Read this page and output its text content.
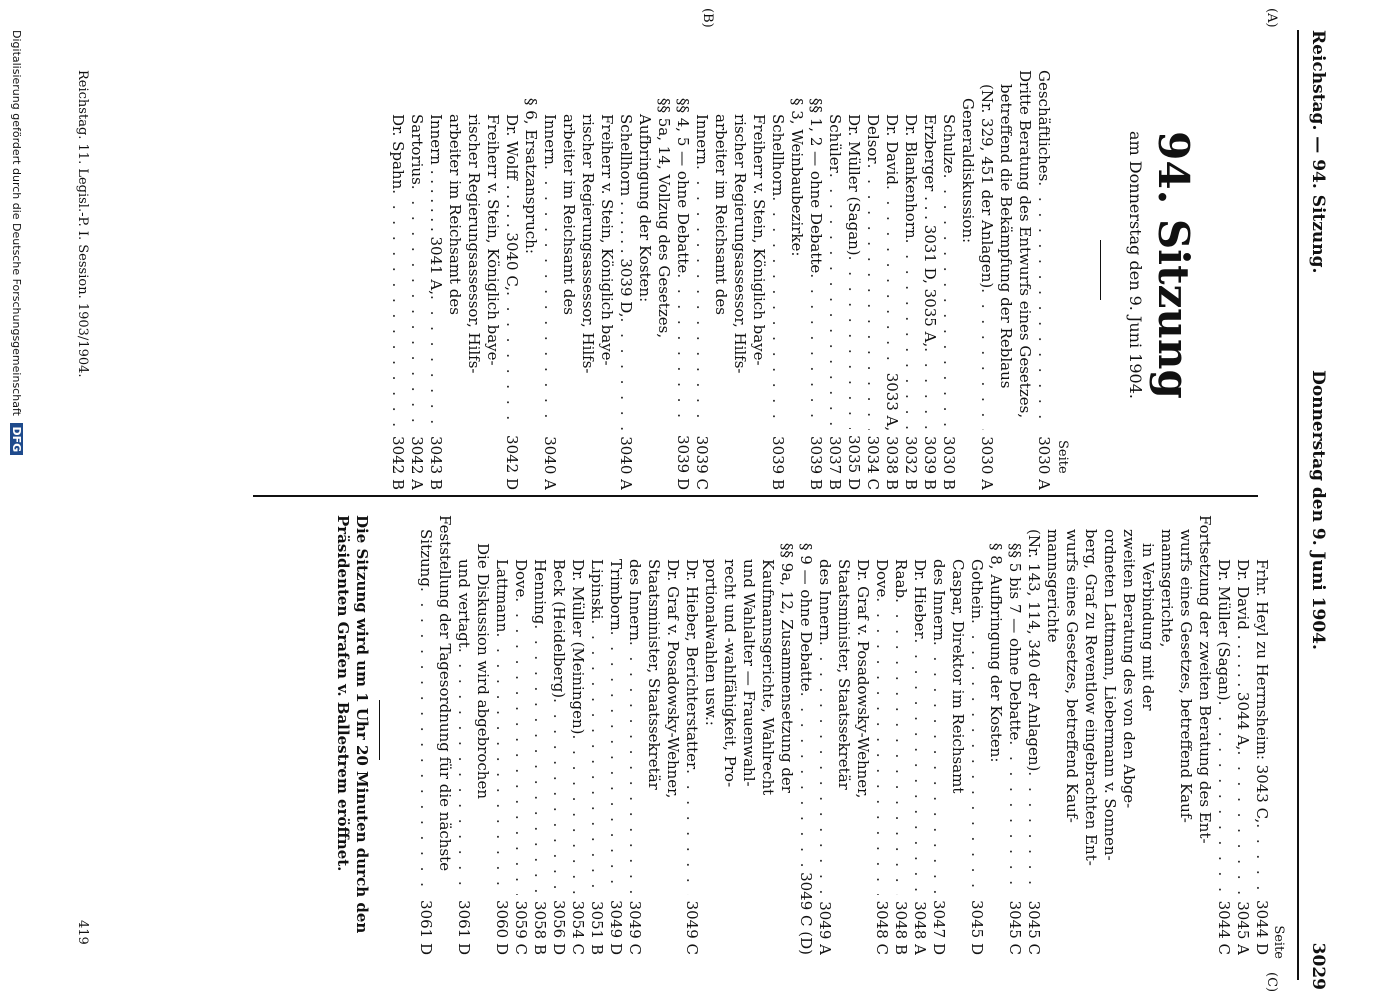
Reichstag. — 94. Sitzung.
Donnerstag den 9. Juni 1904.
3029
(A)
(B)
(C)
94. Sitzung
am Donnerstag den 9. Juni 1904.
Seite
Geschäftliches
. . .
3030 A
Dritte Beratung des Entwurfs eines Gesetzes,
betreffend die Bekämpfung der Reblaus
(Nr. 329, 451 der Anlagen)
. . .
3030 A
Generaldiskussion:
Schulze
. . .
3030 B
Erzberger . . . 3031 D, 3035 A,
. . .
3039 B
Dr. Blankenhorn
. . .
3032 B
Dr. David
. . .
3033 A, 3038 B
Delsor
. . .
3034 C
Dr. Müller (Sagan)
. . .
3035 D
Schüler
. . .
3037 B
§§ 1, 2 — ohne Debatte
. . .
3039 B
§ 3, Weinbaubezirke:
Schellhorn
. . .
3039 B
Freiherr v. Stein, Königlich baye-
rischer Regierungsassessor, Hilfs-
arbeiter im Reichsamt des
Innern
. . .
3039 C
§§ 4, 5 — ohne Debatte
. . .
3039 D
§§ 5a, 14, Vollzug des Gesetzes,
Aufbringung der Kosten:
Schellhorn . . . . . . 3039 D,
. . .
3040 A
Freiherr v. Stein, Königlich baye-
rischer Regierungsassessor, Hilfs-
arbeiter im Reichsamt des
Innern
. . .
3040 A
§ 6, Ersatzanspruch:
Dr. Wolff . . . . . 3040 C,
. . .
3042 D
Freiherr v. Stein, Königlich baye-
rischer Regierungsassessor, Hilfs-
arbeiter im Reichsamt des
Innern . . . . . . . 3041 A,
. . .
3043 B
Sartorius
. . .
3042 A
Dr. Spahn
. . .
3042 B
Seite
Frhr. Heyl zu Herrnsheim: 3043 C,
. . .
3044 D
Dr. David . . . . . . 3044 A,
. . .
3045 A
Dr. Müller (Sagan)
. . .
3044 C
Fortsetzung der zweiten Beratung des Ent-
wurfs eines Gesetzes, betreffend Kauf-
mannsgerichte,
in Verbindung mit der
zweiten Beratung des von den Abge-
ordneten Lattmann, Liebermann v. Sonnen-
berg, Graf zu Reventlow eingebrachten Ent-
wurfs eines Gesetzes, betreffend Kauf-
mannsgerichte
(Nr. 143, 114, 340 der Anlagen)
. . .
3045 C
§§ 5 bis 7 — ohne Debatte
. . .
3045 C
§ 8, Aufbringung der Kosten:
Gothein
. . .
3045 D
Caspar, Direktor im Reichsamt
des Innern
. . .
3047 D
Dr. Hieber
. . .
3048 A
Raab
. . .
3048 B
Dove
. . .
3048 C
Dr. Graf v. Posadowsky-Wehner,
Staatsminister, Staatssekretär
des Innern
. . .
3049 A
§ 9 — ohne Debatte
. . .
3049 C (D)
§§ 9a, 12, Zusammensetzung der
Kaufmannsgerichte, Wahlrecht
und Wahlalter — Frauenwahl-
recht und -wahlfähigkeit, Pro-
portionalwahlen usw.:
Dr. Hieber, Berichterstatter
. . .
3049 C
Dr. Graf v. Posadowsky-Wehner,
Staatsminister, Staatssekretär
des Innern
. . .
3049 C
Trimborn
. . .
3049 D
Lipinski
. . .
3051 B
Dr. Müller (Meiningen)
. . .
3054 C
Beck (Heidelberg)
. . .
3056 D
Henning
. . .
3058 B
Dove
. . .
3059 C
Lattmann
. . .
3060 D
Die Diskussion wird abgebrochen
und vertagt
. . .
3061 D
Feststellung der Tagesordnung für die nächste
Sitzung
. . .
3061 D
Die Sitzung wird um 1 Uhr 20 Minuten durch den
Präsidenten Grafen v. Ballestrem eröffnet.
Reichstag. 11. Legisl.-P. I. Session. 1903/1904.
419
Digitalisierung gefördert durch die Deutsche Forschungsgemeinschaft DFG
